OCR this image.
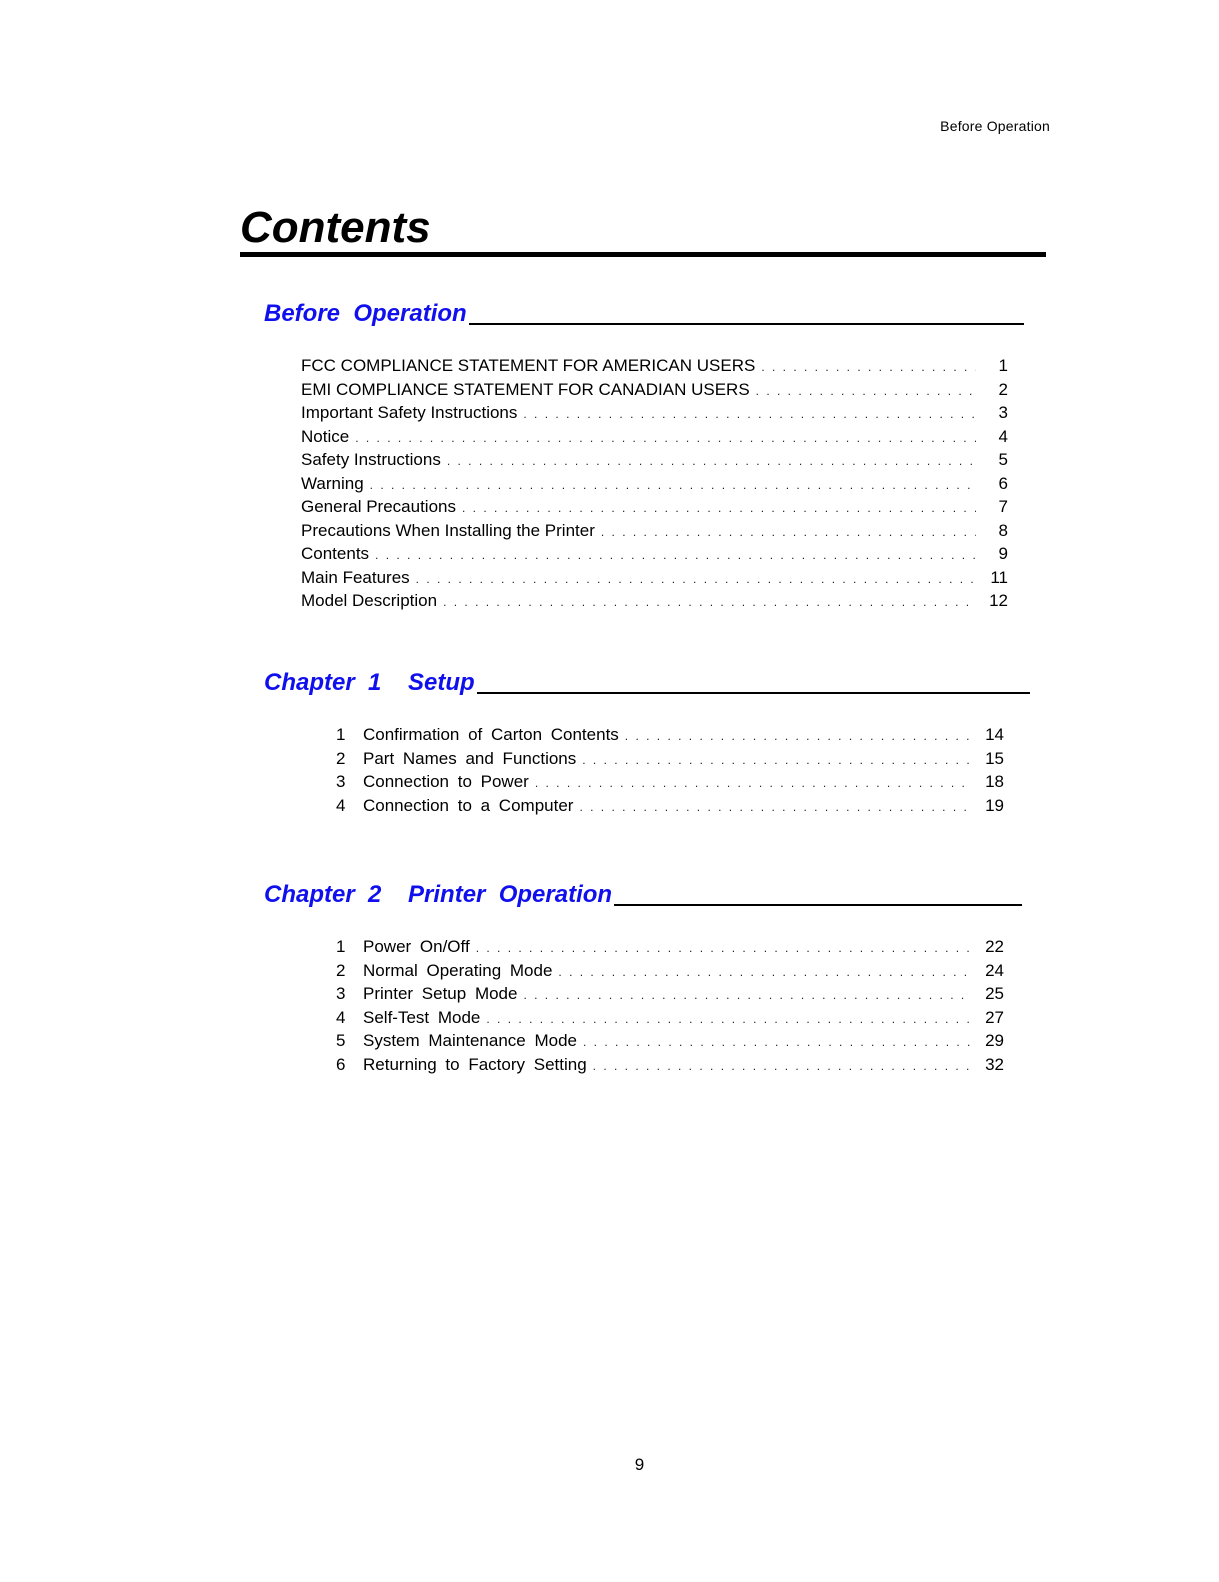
Before Operation
Contents
Before  Operation
FCC COMPLIANCE STATEMENT FOR AMERICAN USERS . . .	1
EMI COMPLIANCE STATEMENT FOR CANADIAN USERS . . .	2
Important Safety Instructions . . .	3
Notice . . .	4
Safety Instructions . . .	5
Warning . . .	6
General Precautions . . .	7
Precautions When Installing the Printer . . .	8
Contents . . .	9
Main Features . . .	11
Model Description . . .	12
Chapter  1    Setup
1	Confirmation of Carton Contents . . .	14
2	Part Names and Functions . . .	15
3	Connection to Power . . .	18
4	Connection to a Computer . . .	19
Chapter  2    Printer  Operation
1	Power On/Off . . .	22
2	Normal Operating Mode . . .	24
3	Printer Setup Mode . . .	25
4	Self-Test Mode . . .	27
5	System Maintenance Mode . . .	29
6	Returning to Factory Setting . . .	32
9
